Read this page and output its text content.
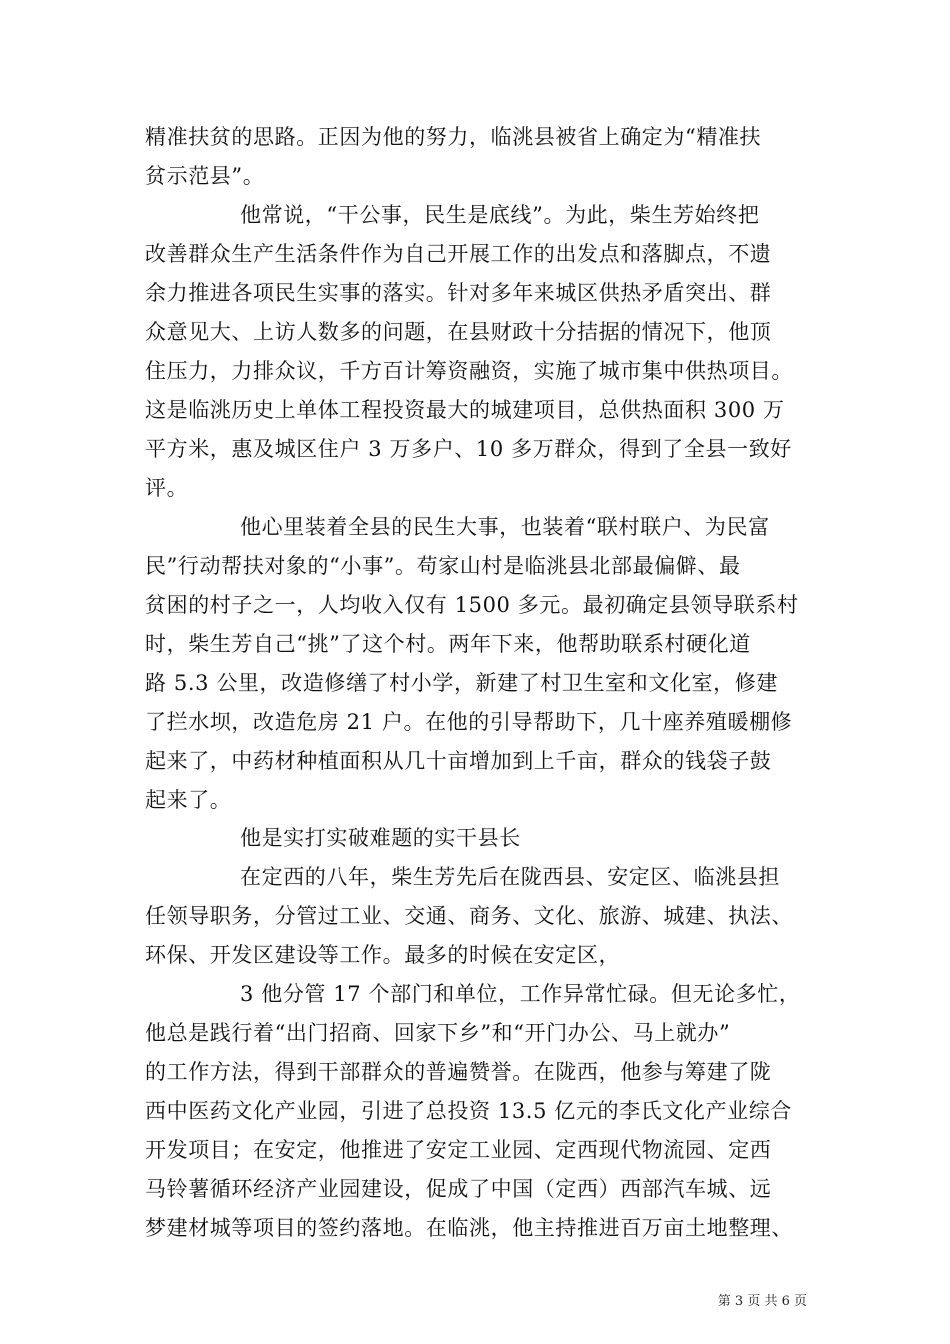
精准扶贫的思路。正因为他的努力，临洮县被省上确定为“精准扶
贫示范县”。
他常说，“干公事，民生是底线”。为此，柴生芳始终把
改善群众生产生活条件作为自己开展工作的出发点和落脚点，不遗
余力推进各项民生实事的落实。针对多年来城区供热矛盾突出、群
众意见大、上访人数多的问题，在县财政十分拮据的情况下，他顶
住压力，力排众议，千方百计筹资融资，实施了城市集中供热项目。
这是临洮历史上单体工程投资最大的城建项目，总供热面积 300 万
平方米，惠及城区住户 3 万多户、10 多万群众，得到了全县一致好
评。
他心里装着全县的民生大事，也装着“联村联户、为民富
民”行动帮扶对象的“小事”。苟家山村是临洮县北部最偏僻、最
贫困的村子之一，人均收入仅有 1500 多元。最初确定县领导联系村
时，柴生芳自己“挑”了这个村。两年下来，他帮助联系村硬化道
路 5.3 公里，改造修缮了村小学，新建了村卫生室和文化室，修建
了拦水坝，改造危房 21 户。在他的引导帮助下，几十座养殖暖棚修
起来了，中药材种植面积从几十亩增加到上千亩，群众的钱袋子鼓
起来了。
他是实打实破难题的实干县长
在定西的八年，柴生芳先后在陇西县、安定区、临洮县担
任领导职务，分管过工业、交通、商务、文化、旅游、城建、执法、
环保、开发区建设等工作。最多的时候在安定区，
3 他分管 17 个部门和单位，工作异常忙碌。但无论多忙，
他总是践行着“出门招商、回家下乡”和“开门办公、马上就办”
的工作方法，得到干部群众的普遍赞誉。在陇西，他参与筹建了陇
西中医药文化产业园，引进了总投资 13.5 亿元的李氏文化产业综合
开发项目；在安定，他推进了安定工业园、定西现代物流园、定西
马铃薯循环经济产业园建设，促成了中国（定西）西部汽车城、远
梦建材城等项目的签约落地。在临洮，他主持推进百万亩土地整理、
第 3 页 共 6 页
